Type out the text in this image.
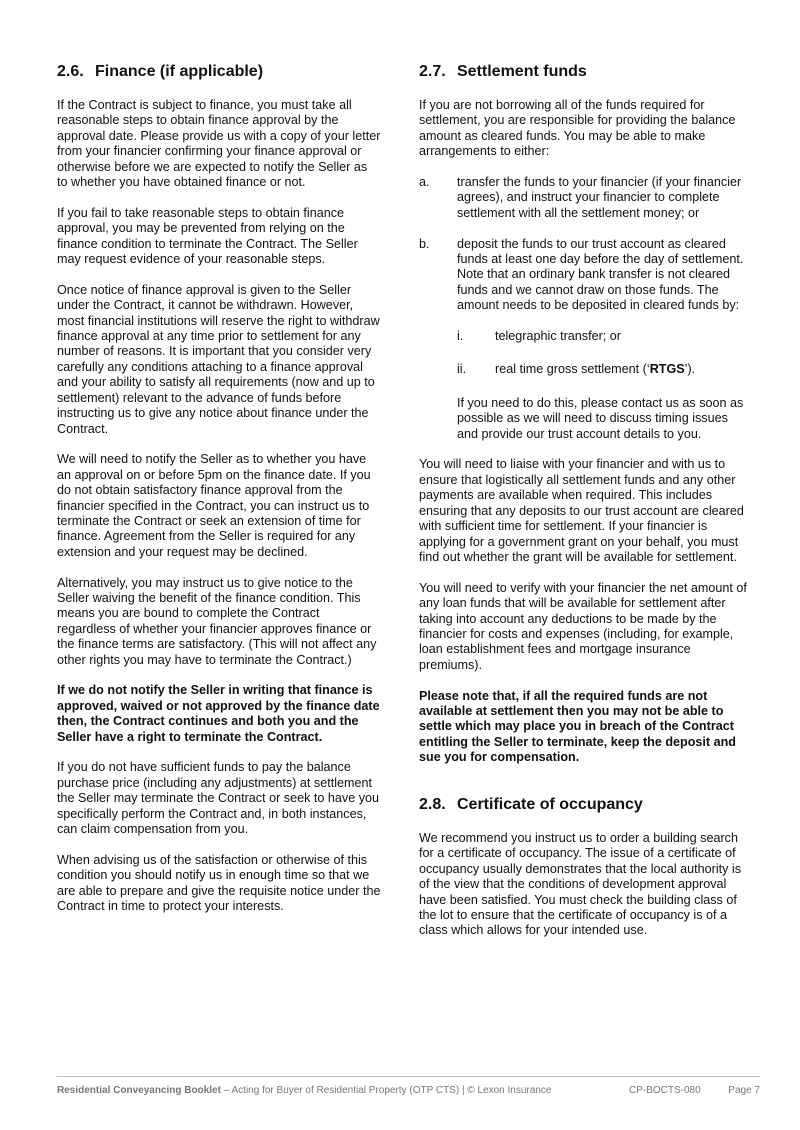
2.6. Finance (if applicable)

If the Contract is subject to finance, you must take all reasonable steps to obtain finance approval by the approval date. Please provide us with a copy of your letter from your financier confirming your finance approval or otherwise before we are expected to notify the Seller as to whether you have obtained finance or not.

If you fail to take reasonable steps to obtain finance approval, you may be prevented from relying on the finance condition to terminate the Contract. The Seller may request evidence of your reasonable steps.

Once notice of finance approval is given to the Seller under the Contract, it cannot be withdrawn. However, most financial institutions will reserve the right to withdraw finance approval at any time prior to settlement for any number of reasons. It is important that you consider very carefully any conditions attaching to a finance approval and your ability to satisfy all requirements (now and up to settlement) relevant to the advance of funds before instructing us to give any notice about finance under the Contract.

We will need to notify the Seller as to whether you have an approval on or before 5pm on the finance date. If you do not obtain satisfactory finance approval from the financier specified in the Contract, you can instruct us to terminate the Contract or seek an extension of time for finance. Agreement from the Seller is required for any extension and your request may be declined.

Alternatively, you may instruct us to give notice to the Seller waiving the benefit of the finance condition. This means you are bound to complete the Contract regardless of whether your financier approves finance or the finance terms are satisfactory. (This will not affect any other rights you may have to terminate the Contract.)

If we do not notify the Seller in writing that finance is approved, waived or not approved by the finance date then, the Contract continues and both you and the Seller have a right to terminate the Contract.

If you do not have sufficient funds to pay the balance purchase price (including any adjustments) at settlement the Seller may terminate the Contract or seek to have you specifically perform the Contract and, in both instances, can claim compensation from you.

When advising us of the satisfaction or otherwise of this condition you should notify us in enough time so that we are able to prepare and give the requisite notice under the Contract in time to protect your interests.

2.7. Settlement funds

If you are not borrowing all of the funds required for settlement, you are responsible for providing the balance amount as cleared funds. You may be able to make arrangements to either:

a.	transfer the funds to your financier (if your financier agrees), and instruct your financier to complete settlement with all the settlement money; or
b.	deposit the funds to our trust account as cleared funds at least one day before the day of settlement. Note that an ordinary bank transfer is not cleared funds and we cannot draw on those funds. The amount needs to be deposited in cleared funds by:
i.	telegraphic transfer; or
ii.	real time gross settlement (‘RTGS’).

If you need to do this, please contact us as soon as possible as we will need to discuss timing issues and provide our trust account details to you.

You will need to liaise with your financier and with us to ensure that logistically all settlement funds and any other payments are available when required. This includes ensuring that any deposits to our trust account are cleared with sufficient time for settlement. If your financier is applying for a government grant on your behalf, you must find out whether the grant will be available for settlement.

You will need to verify with your financier the net amount of any loan funds that will be available for settlement after taking into account any deductions to be made by the financier for costs and expenses (including, for example, loan establishment fees and mortgage insurance premiums).

Please note that, if all the required funds are not available at settlement then you may not be able to settle which may place you in breach of the Contract entitling the Seller to terminate, keep the deposit and sue you for compensation.

2.8. Certificate of occupancy

We recommend you instruct us to order a building search for a certificate of occupancy. The issue of a certificate of occupancy usually demonstrates that the local authority is of the view that the conditions of development approval have been satisfied. You must check the building class of the lot to ensure that the certificate of occupancy is of a class which allows for your intended use.

Residential Conveyancing Booklet – Acting for Buyer of Residential Property (OTP CTS) | © Lexon Insurance	CP-BOCTS-080	Page 7
